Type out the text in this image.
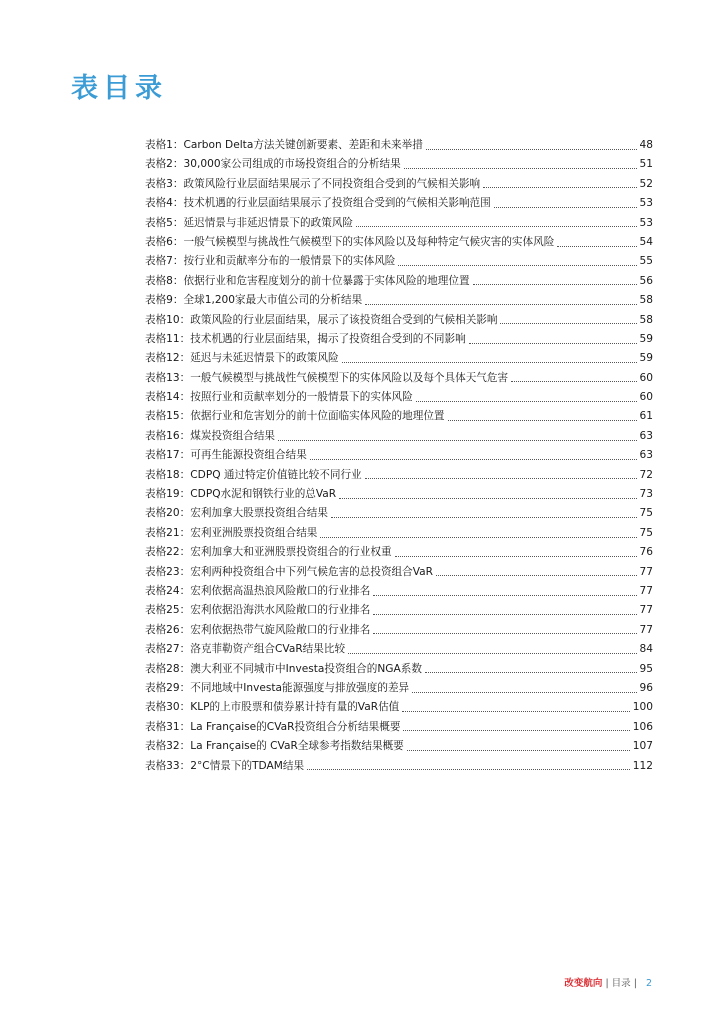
表目录
表格1：Carbon Delta方法关键创新要素、差距和未来举措	48
表格2：30,000家公司组成的市场投资组合的分析结果	51
表格3：政策风险行业层面结果展示了不同投资组合受到的气候相关影响	52
表格4：技术机遇的行业层面结果展示了投资组合受到的气候相关影响范围	53
表格5：延迟情景与非延迟情景下的政策风险	53
表格6：一般气候模型与挑战性气候模型下的实体风险以及每种特定气候灾害的实体风险	54
表格7：按行业和贡献率分布的一般情景下的实体风险	55
表格8：依据行业和危害程度划分的前十位暴露于实体风险的地理位置	56
表格9：全球1,200家最大市值公司的分析结果	58
表格10：政策风险的行业层面结果，展示了该投资组合受到的气候相关影响	58
表格11：技术机遇的行业层面结果，揭示了投资组合受到的不同影响	59
表格12：延迟与未延迟情景下的政策风险	59
表格13：一般气候模型与挑战性气候模型下的实体风险以及每个具体天气危害	60
表格14：按照行业和贡献率划分的一般情景下的实体风险	60
表格15：依据行业和危害划分的前十位面临实体风险的地理位置	61
表格16：煤炭投资组合结果	63
表格17：可再生能源投资组合结果	63
表格18：CDPQ 通过特定价值链比较不同行业	72
表格19：CDPQ水泥和钢铁行业的总VaR	73
表格20：宏利加拿大股票投资组合结果	75
表格21：宏利亚洲股票投资组合结果	75
表格22：宏利加拿大和亚洲股票投资组合的行业权重	76
表格23：宏利两种投资组合中下列气候危害的总投资组合VaR	77
表格24：宏利依据高温热浪风险敞口的行业排名	77
表格25：宏利依据沿海洪水风险敞口的行业排名	77
表格26：宏利依据热带气旋风险敞口的行业排名	77
表格27：洛克菲勒资产组合CVaR结果比较	84
表格28：澳大利亚不同城市中Investa投资组合的NGA系数	95
表格29：不同地域中Investa能源强度与排放强度的差异	96
表格30：KLP的上市股票和债券累计持有量的VaR估值	100
表格31：La Française的CVaR投资组合分析结果概要	106
表格32：La Française的 CVaR全球参考指数结果概要	107
表格33：2°C情景下的TDAM结果	112
改变航向 | 目录 | 2
